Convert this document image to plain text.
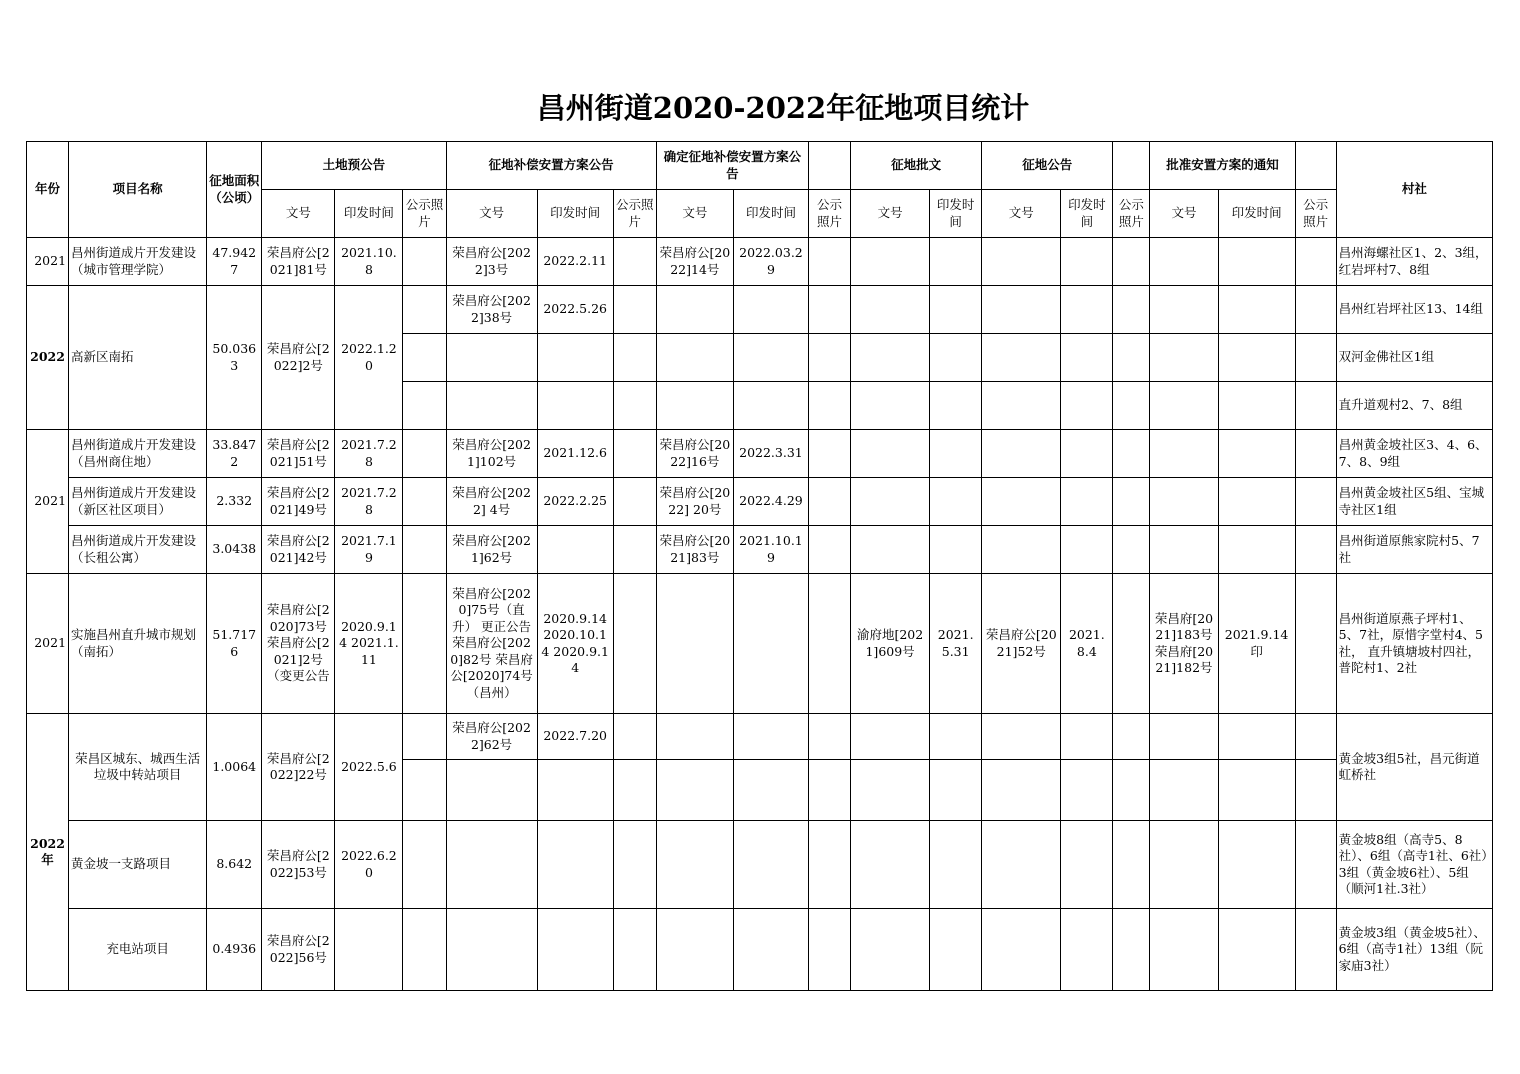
昌州街道2020-2022年征地项目统计
年份	项目名称	征地面积（公顷）	土地预公告			征地补偿安置方案公告			确定征地补偿安置方案公告			征地批文		征地公告			批准安置方案的通知			村社
			文号	印发时间	公示照片	文号	印发时间	公示照片	文号	印发时间	公示照片	文号	印发时间	文号	印发时间	公示照片	文号	印发时间	公示照片	
2021	昌州街道成片开发建设（城市管理学院）	47.9427	荣昌府公[2021]81号	2021.10.8		荣昌府公[2022]3号	2022.2.11		荣昌府公[2022]14号	2022.03.29										昌州海螺社区1、2、3组，红岩坪村7、8组
2022	高新区南拓	50.0363	荣昌府公[2022]2号	2022.1.20		荣昌府公[2022]38号	2022.5.26													昌州红岩坪社区13、14组
																				双河金佛社区1组
																				直升道观村2、7、8组
2021	昌州街道成片开发建设（昌州商住地）	33.8472	荣昌府公[2021]51号	2021.7.28		荣昌府公[2021]102号	2021.12.6		荣昌府公[2022]16号	2022.3.31										昌州黄金坡社区3、4、6、7、8、9组
	昌州街道成片开发建设（新区社区项目）	2.332	荣昌府公[2021]49号	2021.7.28		荣昌府公[2022] 4号	2022.2.25		荣昌府公[2022] 20号	2022.4.29										昌州黄金坡社区5组、宝城寺社区1组
	昌州街道成片开发建设（长租公寓）	3.0438	荣昌府公[2021]42号	2021.7.19		荣昌府公[2021]62号			荣昌府公[2021]83号	2021.10.19										昌州街道原熊家院村5、7社
2021	实施昌州直升城市规划（南拓）	51.7176	荣昌府公[2020]73号 荣昌府公[2021]2号（变更公告	2020.9.14 2021.1.11		荣昌府公[2020]75号（直升） 更正公告荣昌府公[2020]82号 荣昌府公[2020]74号（昌州）	2020.9.14 2020.10.14 2020.9.14					渝府地[2021]609号	2021.5.31	荣昌府公[2021]52号	2021.8.4		荣昌府[2021]183号荣昌府[2021]182号	2021.9.14印		昌州街道原燕子坪村1、5、7社，原惜字堂村4、5社， 直升镇塘坡村四社，普陀村1、2社
2022年	荣昌区城东、城西生活垃圾中转站项目	1.0064	荣昌府公[2022]22号	2022.5.6		荣昌府公[2022]62号	2022.7.20													黄金坡3组5社，昌元街道虹桥社

	黄金坡一支路项目	8.642	荣昌府公[2022]53号	2022.6.20																黄金坡8组（高寺5、8社）、6组（高寺1社、6社）3组（黄金坡6社）、5组（顺河1社.3社）
	充电站项目	0.4936	荣昌府公[2022]56号																	黄金坡3组（黄金坡5社）、6组（高寺1社）13组（阮家庙3社）
